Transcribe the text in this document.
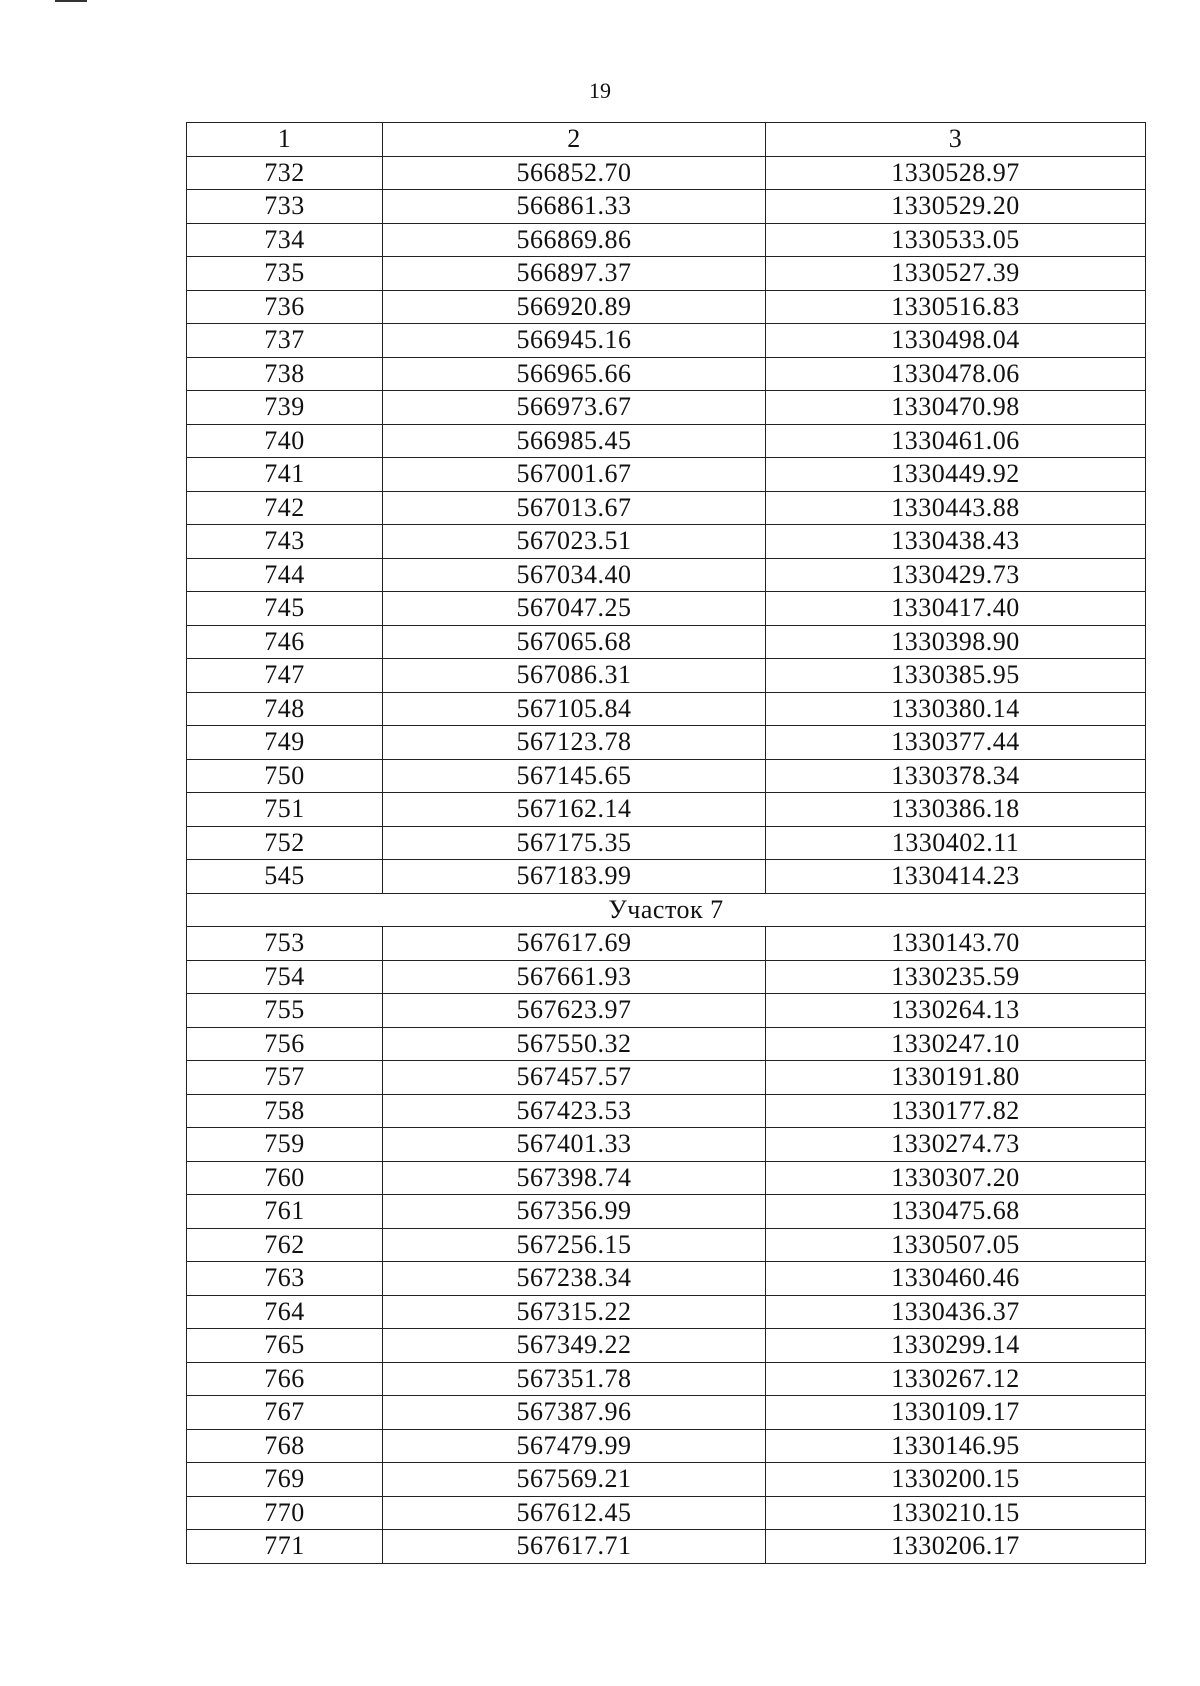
19
1	2	3
732	566852.70	1330528.97
733	566861.33	1330529.20
734	566869.86	1330533.05
735	566897.37	1330527.39
736	566920.89	1330516.83
737	566945.16	1330498.04
738	566965.66	1330478.06
739	566973.67	1330470.98
740	566985.45	1330461.06
741	567001.67	1330449.92
742	567013.67	1330443.88
743	567023.51	1330438.43
744	567034.40	1330429.73
745	567047.25	1330417.40
746	567065.68	1330398.90
747	567086.31	1330385.95
748	567105.84	1330380.14
749	567123.78	1330377.44
750	567145.65	1330378.34
751	567162.14	1330386.18
752	567175.35	1330402.11
545	567183.99	1330414.23
Участок 7		
753	567617.69	1330143.70
754	567661.93	1330235.59
755	567623.97	1330264.13
756	567550.32	1330247.10
757	567457.57	1330191.80
758	567423.53	1330177.82
759	567401.33	1330274.73
760	567398.74	1330307.20
761	567356.99	1330475.68
762	567256.15	1330507.05
763	567238.34	1330460.46
764	567315.22	1330436.37
765	567349.22	1330299.14
766	567351.78	1330267.12
767	567387.96	1330109.17
768	567479.99	1330146.95
769	567569.21	1330200.15
770	567612.45	1330210.15
771	567617.71	1330206.17
